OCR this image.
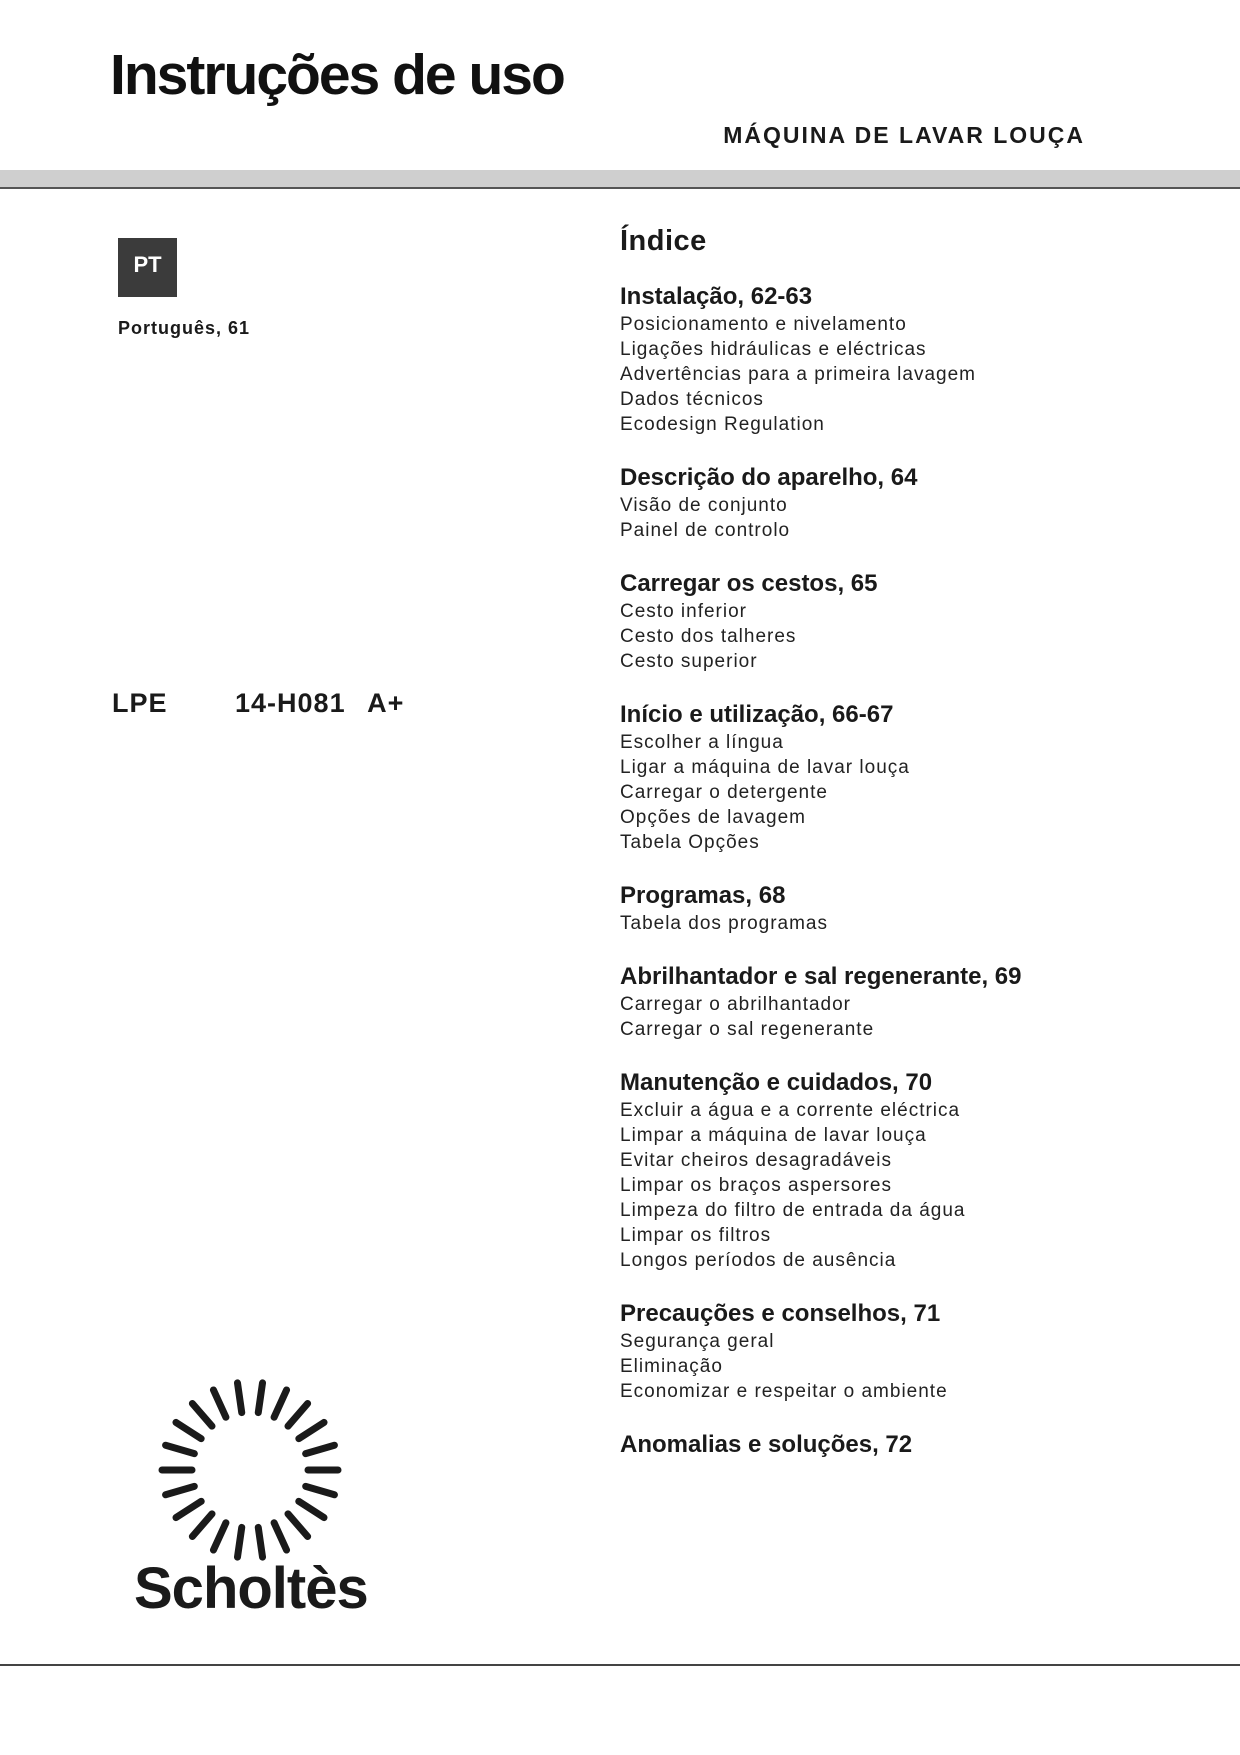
Instruções de uso
MÁQUINA DE LAVAR LOUÇA
PT
Português, 61
LPE   14-H081 A+
Índice
Instalação, 62-63
Posicionamento e nivelamento
Ligações hidráulicas e eléctricas
Advertências para a primeira lavagem
Dados técnicos
Ecodesign Regulation
Descrição do aparelho, 64
Visão de conjunto
Painel de controlo
Carregar os cestos, 65
Cesto inferior
Cesto dos talheres
Cesto superior
Início e utilização, 66-67
Escolher a língua
Ligar a máquina de lavar louça
Carregar o detergente
Opções de lavagem
Tabela Opções
Programas, 68
Tabela dos programas
Abrilhantador e sal regenerante, 69
Carregar o abrilhantador
Carregar o sal regenerante
Manutenção e cuidados, 70
Excluir a água e a corrente eléctrica
Limpar a máquina de lavar louça
Evitar cheiros desagradáveis
Limpar os braços aspersores
Limpeza do filtro de entrada da água
Limpar os filtros
Longos períodos de ausência
Precauções e conselhos, 71
Segurança geral
Eliminação
Economizar e respeitar o ambiente
Anomalias e soluções, 72
Scholtès
